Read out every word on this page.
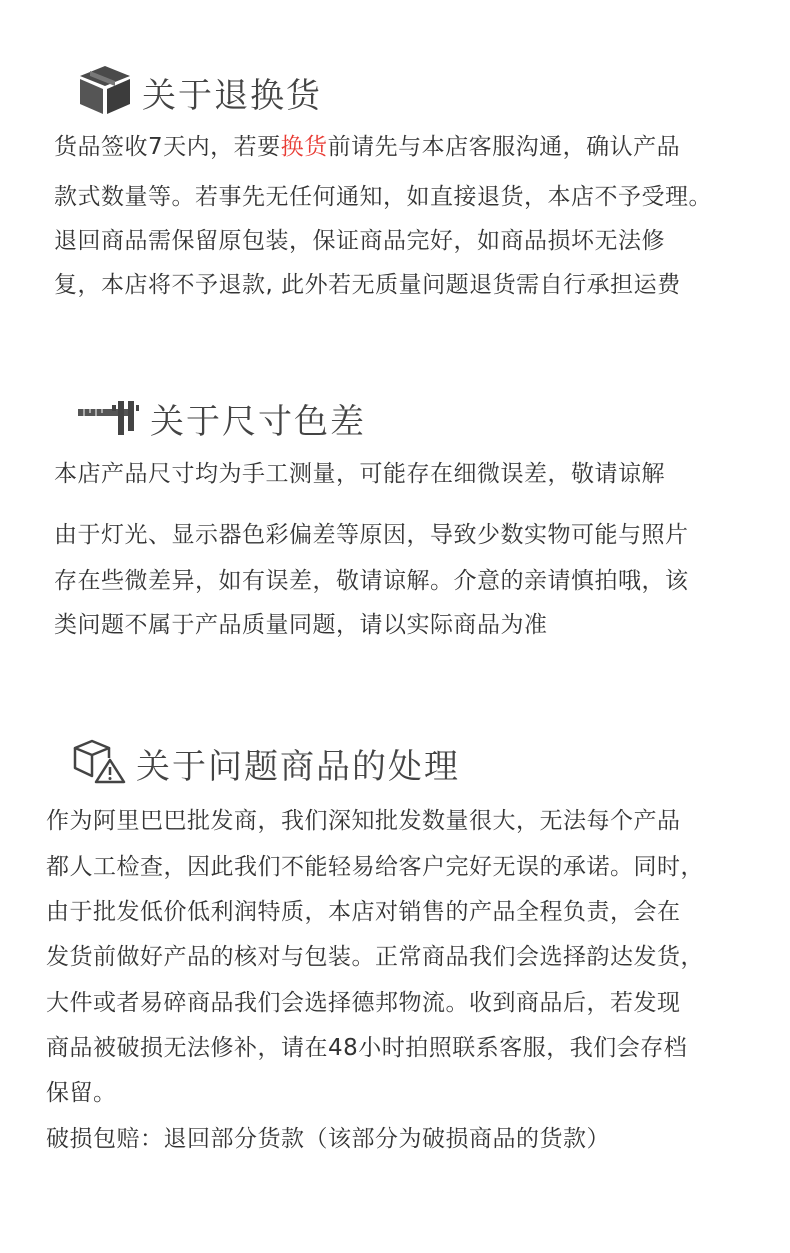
关于退换货
货品签收7天内，若要换货前请先与本店客服沟通，确认产品
款式数量等。若事先无任何通知，如直接退货，本店不予受理。
退回商品需保留原包装，保证商品完好，如商品损坏无法修
复，本店将不予退款, 此外若无质量问题退货需自行承担运费
关于尺寸色差
本店产品尺寸均为手工测量，可能存在细微误差，敬请谅解
由于灯光、显示器色彩偏差等原因，导致少数实物可能与照片
存在些微差异，如有误差，敬请谅解。介意的亲请慎拍哦，该
类问题不属于产品质量同题，请以实际商品为准
关于问题商品的处理
作为阿里巴巴批发商，我们深知批发数量很大，无法每个产品
都人工检查，因此我们不能轻易给客户完好无误的承诺。同时，
由于批发低价低利润特质，本店对销售的产品全程负责，会在
发货前做好产品的核对与包装。正常商品我们会选择韵达发货，
大件或者易碎商品我们会选择德邦物流。收到商品后，若发现
商品被破损无法修补，请在48小时拍照联系客服，我们会存档
保留。
破损包赔：退回部分货款（该部分为破损商品的货款）
